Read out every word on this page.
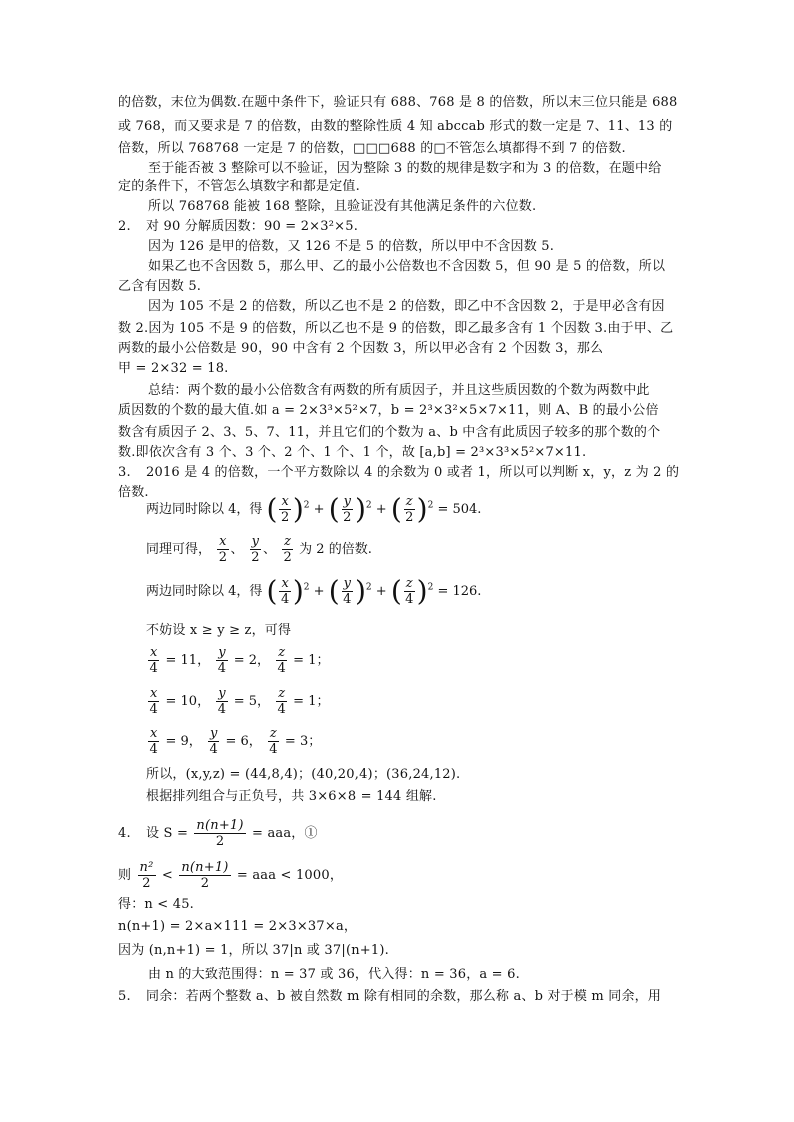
的倍数，末位为偶数.在题中条件下，验证只有 688、768 是 8 的倍数，所以末三位只能是 688
或 768，而又要求是 7 的倍数，由数的整除性质 4 知 abccab 形式的数一定是 7、11、13 的
倍数，所以 768768 一定是 7 的倍数，□□□688 的□不管怎么填都得不到 7 的倍数.
至于能否被 3 整除可以不验证，因为整除 3 的数的规律是数字和为 3 的倍数，在题中给
定的条件下，不管怎么填数字和都是定值.
所以 768768 能被 168 整除，且验证没有其他满足条件的六位数.
2. 对 90 分解质因数：90 = 2×3²×5.
因为 126 是甲的倍数，又 126 不是 5 的倍数，所以甲中不含因数 5.
如果乙也不含因数 5，那么甲、乙的最小公倍数也不含因数 5，但 90 是 5 的倍数，所以
乙含有因数 5.
因为 105 不是 2 的倍数，所以乙也不是 2 的倍数，即乙中不含因数 2，于是甲必含有因
数 2.因为 105 不是 9 的倍数，所以乙也不是 9 的倍数，即乙最多含有 1 个因数 3.由于甲、乙
两数的最小公倍数是 90，90 中含有 2 个因数 3，所以甲必含有 2 个因数 3，那么
甲 = 2×32 = 18.
总结：两个数的最小公倍数含有两数的所有质因子，并且这些质因数的个数为两数中此
质因数的个数的最大值.如 a = 2×3³×5²×7，b = 2³×3²×5×7×11，则 A、B 的最小公倍
数含有质因子 2、3、5、7、11，并且它们的个数为 a、b 中含有此质因子较多的那个数的个
数.即依次含有 3 个、3 个、2 个、1 个、1 个，故 [a,b] = 2³×3³×5²×7×11.
3. 2016 是 4 的倍数，一个平方数除以 4 的余数为 0 或者 1，所以可以判断 x，y，z 为 2 的
倍数.
两边同时除以 4，得 ( $\frac{x}{2} )^2$ + ( $\frac{y}{2} )^2$ + ( $\frac{z}{2} )^2 = 504$.
同理可得， $\frac{x}{2}$ 、 $\frac{y}{2}$ 、 $\frac{z}{2}$ 为 2 的倍数.
两边同时除以 4，得 ( $\frac{x}{4} )^2$ + ( $\frac{y}{4} )^2$ + ( $\frac{z}{4} )^2 = 126$.
不妨设 x ≥ y ≥ z，可得
$\frac{x}{4} = 11$， $\frac{y}{4} = 2$， $\frac{z}{4} = 1$；
$\frac{x}{4} = 10$， $\frac{y}{4} = 5$， $\frac{z}{4} = 1$；
$\frac{x}{4} = 9$， $\frac{y}{4} = 6$， $\frac{z}{4} = 3$；
所以，(x,y,z) = (44,8,4)；(40,20,4)；(36,24,12).
根据排列组合与正负号，共 3×6×8 = 144 组解.
4. 设 $S = \frac{n(n+1)}{2}$ = aaa，①
则 $\frac{\text{n²}}{2} < \frac{n(n+1)}{2}$ = aaa < 1000，
得：n < 45.
n(n+1) = 2×a×111 = 2×3×37×a，
因为 (n,n+1) = 1，所以 37|n 或 37|(n+1).
由 n 的大致范围得：n = 37 或 36，代入得：n = 36，a = 6.
5. 同余：若两个整数 a、b 被自然数 m 除有相同的余数，那么称 a、b 对于模 m 同余，用
